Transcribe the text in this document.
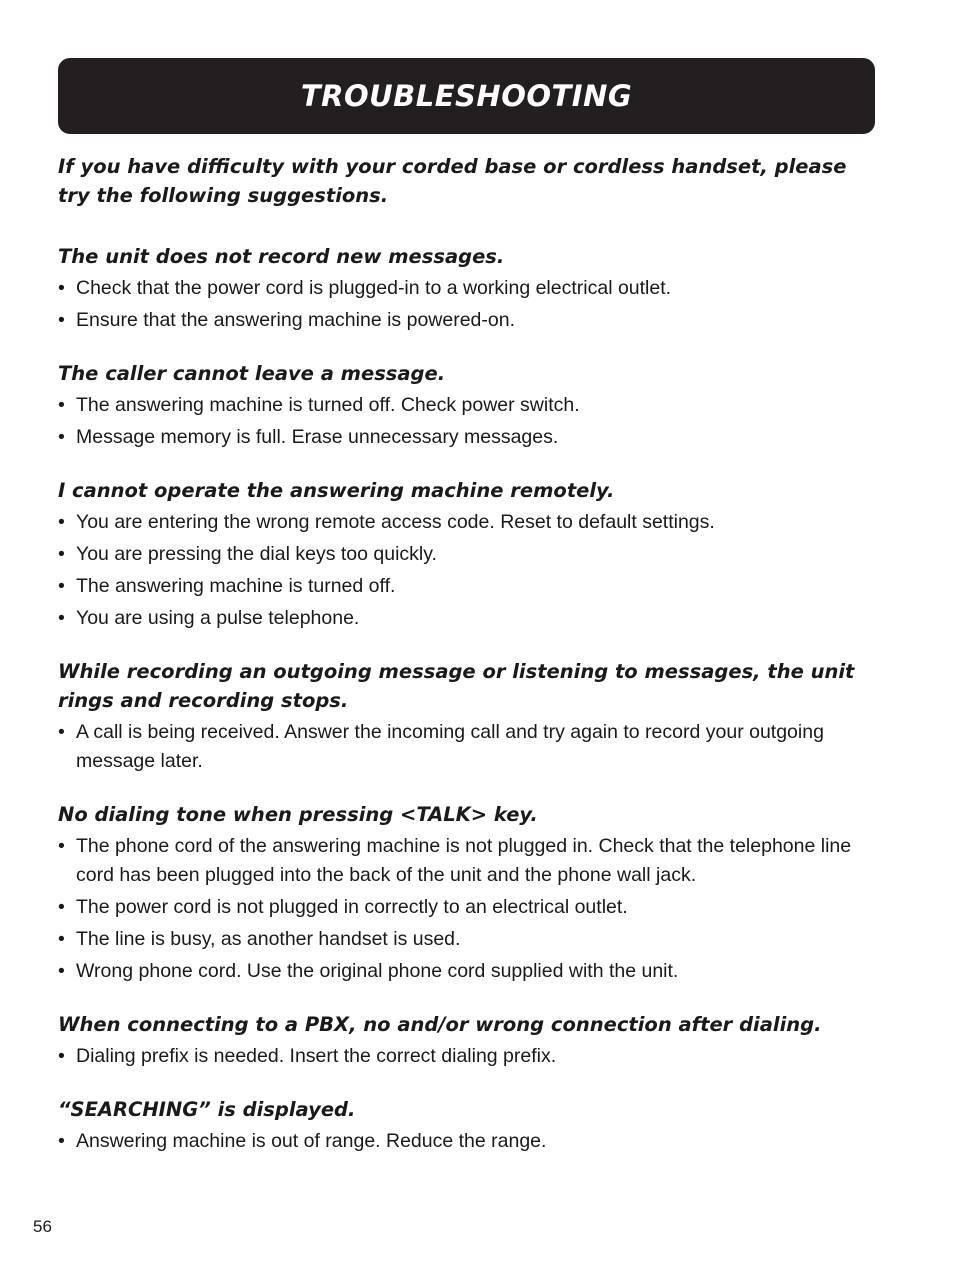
TROUBLESHOOTING

If you have difficulty with your corded base or cordless handset, please try the following suggestions.

The unit does not record new messages.

• Check that the power cord is plugged-in to a working electrical outlet.
• Ensure that the answering machine is powered-on.

The caller cannot leave a message.

• The answering machine is turned off. Check power switch.
• Message memory is full. Erase unnecessary messages.

I cannot operate the answering machine remotely.

• You are entering the wrong remote access code. Reset to default settings.
• You are pressing the dial keys too quickly.
• The answering machine is turned off.
• You are using a pulse telephone.

While recording an outgoing message or listening to messages, the unit rings and recording stops.

• A call is being received. Answer the incoming call and try again to record your outgoing message later.

No dialing tone when pressing <TALK> key.

• The phone cord of the answering machine is not plugged in. Check that the telephone line cord has been plugged into the back of the unit and the phone wall jack.
• The power cord is not plugged in correctly to an electrical outlet.
• The line is busy, as another handset is used.
• Wrong phone cord. Use the original phone cord supplied with the unit.

When connecting to a PBX, no and/or wrong connection after dialing.

• Dialing prefix is needed. Insert the correct dialing prefix.

“SEARCHING” is displayed.

• Answering machine is out of range. Reduce the range.
56
